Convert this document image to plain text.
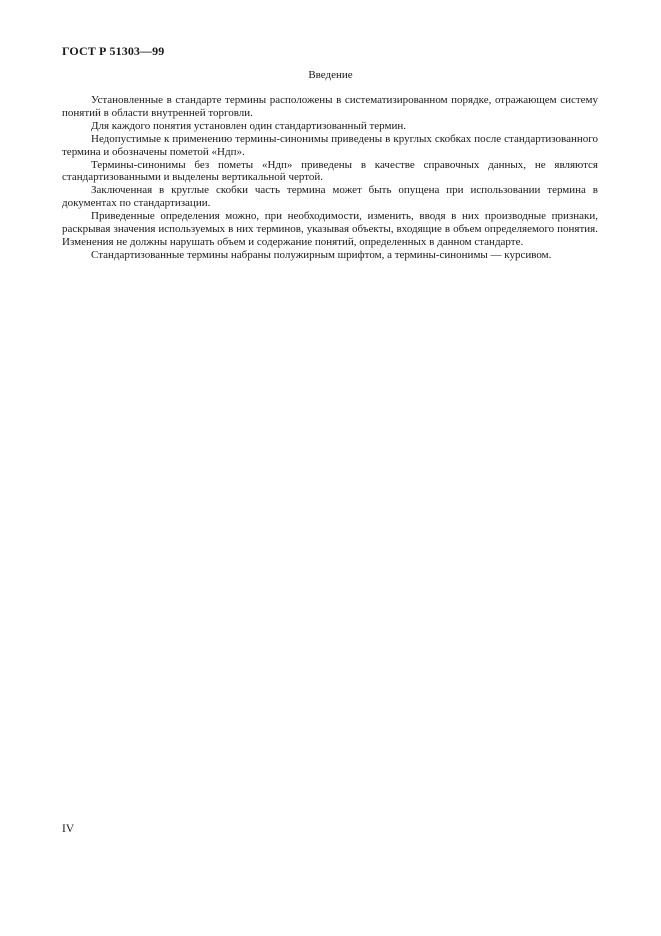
ГОСТ Р 51303—99
Введение

Установленные в стандарте термины расположены в систематизированном порядке, отражающем систему понятий в области внутренней торговли.

Для каждого понятия установлен один стандартизованный термин.

Недопустимые к применению термины-синонимы приведены в круглых скобках после стандартизованного термина и обозначены пометой «Ндп».

Термины-синонимы без пометы «Ндп» приведены в качестве справочных данных, не являются стандартизованными и выделены вертикальной чертой.

Заключенная в круглые скобки часть термина может быть опущена при использовании термина в документах по стандартизации.

Приведенные определения можно, при необходимости, изменить, вводя в них производные признаки, раскрывая значения используемых в них терминов, указывая объекты, входящие в объем определяемого понятия. Изменения не должны нарушать объем и содержание понятий, определенных в данном стандарте.

Стандартизованные термины набраны полужирным шрифтом, а термины-синонимы — курсивом.

IV
